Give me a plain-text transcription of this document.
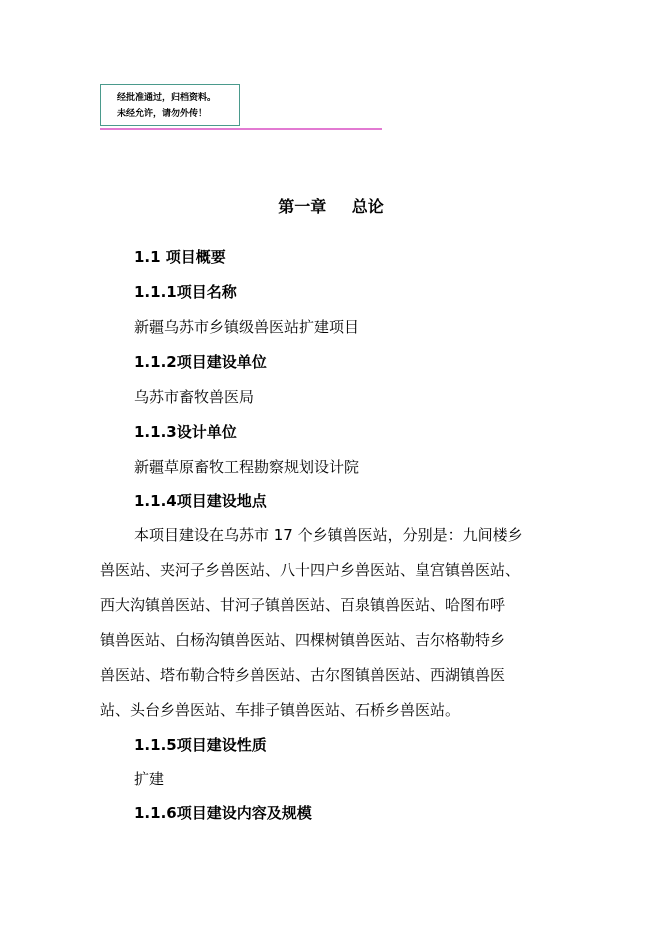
经批准通过，归档资料。
未经允许，请勿外传！
第一章 总论
1.1 项目概要
1.1.1项目名称
新疆乌苏市乡镇级兽医站扩建项目
1.1.2项目建设单位
乌苏市畜牧兽医局
1.1.3设计单位
新疆草原畜牧工程勘察规划设计院
1.1.4项目建设地点
本项目建设在乌苏市 17 个乡镇兽医站，分别是：九间楼乡
兽医站、夹河子乡兽医站、八十四户乡兽医站、皇宫镇兽医站、
西大沟镇兽医站、甘河子镇兽医站、百泉镇兽医站、哈图布呼
镇兽医站、白杨沟镇兽医站、四棵树镇兽医站、吉尔格勒特乡
兽医站、塔布勒合特乡兽医站、古尔图镇兽医站、西湖镇兽医
站、头台乡兽医站、车排子镇兽医站、石桥乡兽医站。
1.1.5项目建设性质
扩建
1.1.6项目建设内容及规模
